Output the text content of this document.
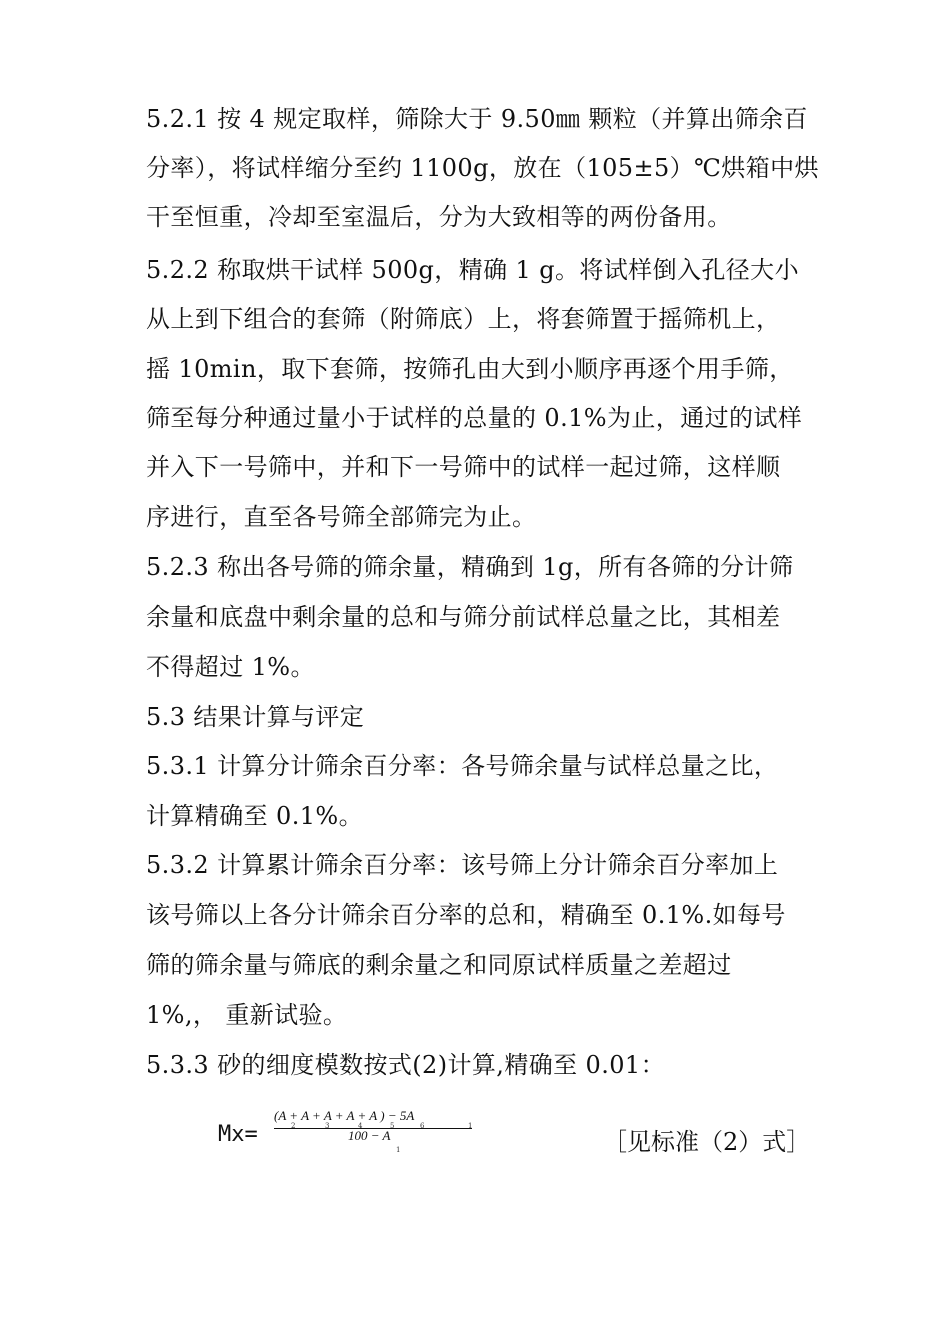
5.2.1 按 4 规定取样，筛除大于 9.50㎜ 颗粒（并算出筛余百
分率），将试样缩分至约 1100g，放在（105±5）℃烘箱中烘
干至恒重，冷却至室温后，分为大致相等的两份备用。
5.2.2 称取烘干试样 500g，精确 1 g。将试样倒入孔径大小
从上到下组合的套筛（附筛底）上，将套筛置于摇筛机上，
摇 10min，取下套筛，按筛孔由大到小顺序再逐个用手筛，
筛至每分种通过量小于试样的总量的 0.1%为止，通过的试样
并入下一号筛中，并和下一号筛中的试样一起过筛，这样顺
序进行，直至各号筛全部筛完为止。
5.2.3 称出各号筛的筛余量，精确到 1g，所有各筛的分计筛
余量和底盘中剩余量的总和与筛分前试样总量之比，其相差
不得超过 1%。
5.3 结果计算与评定
5.3.1 计算分计筛余百分率：各号筛余量与试样总量之比，
计算精确至 0.1%。
5.3.2 计算累计筛余百分率：该号筛上分计筛余百分率加上
该号筛以上各分计筛余百分率的总和，精确至 0.1%.如每号
筛的筛余量与筛底的剩余量之和同原试样质量之差超过
1%,， 重新试验。
5.3.3 砂的细度模数按式(2)计算,精确至 0.01：
Mx=
(A + A + A + A + A ) − 5A
2	3	4	5	6	1
100 − A
1	［见标准（2）式］
